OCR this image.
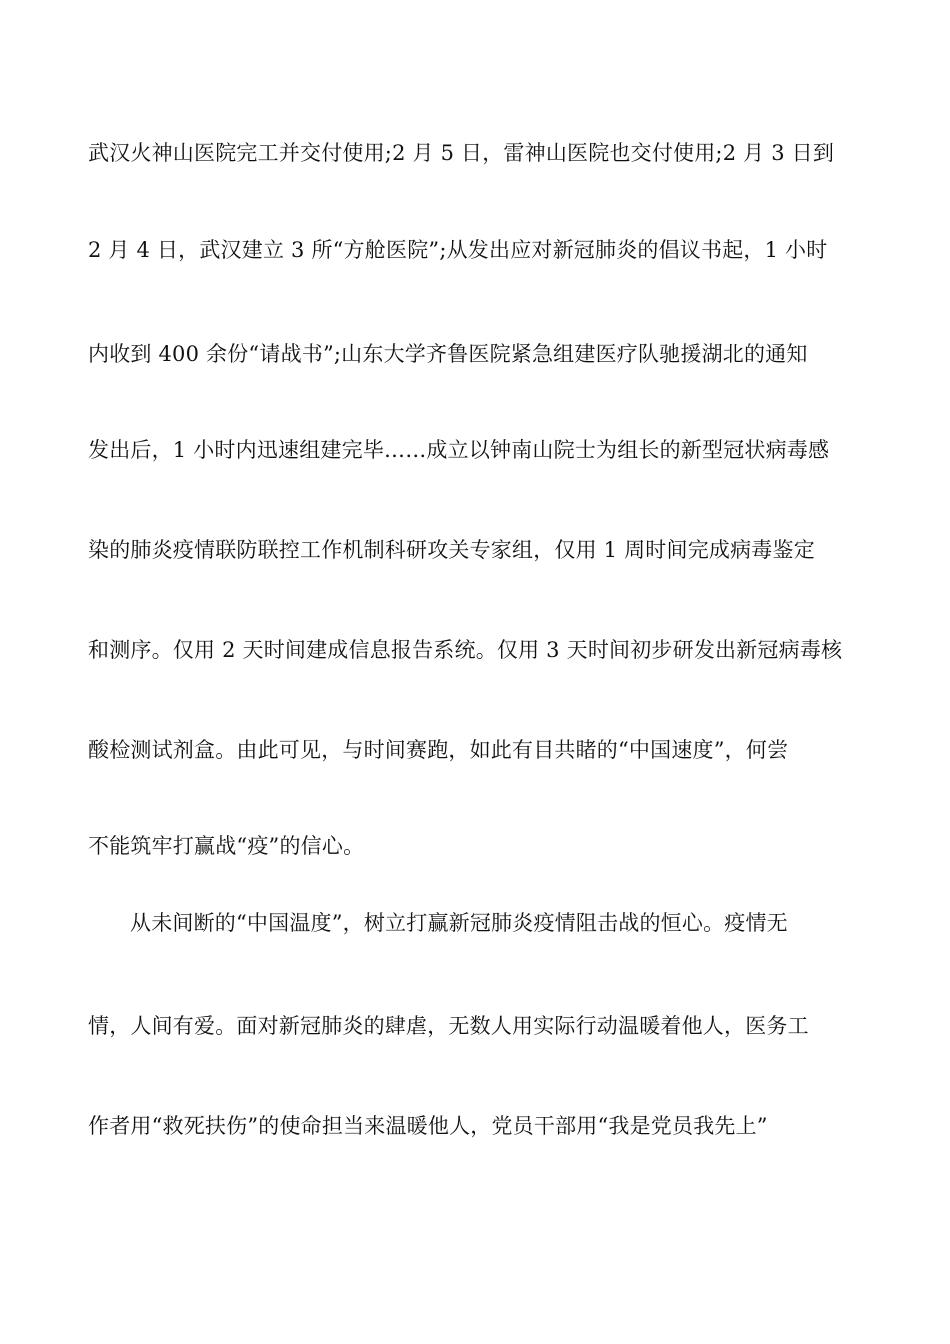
武汉火神山医院完工并交付使用;2 月 5 日，雷神山医院也交付使用;2 月 3 日到
2 月 4 日，武汉建立 3 所“方舱医院”;从发出应对新冠肺炎的倡议书起，1 小时
内收到 400 余份“请战书”;山东大学齐鲁医院紧急组建医疗队驰援湖北的通知
发出后，1 小时内迅速组建完毕……成立以钟南山院士为组长的新型冠状病毒感
染的肺炎疫情联防联控工作机制科研攻关专家组，仅用 1 周时间完成病毒鉴定
和测序。仅用 2 天时间建成信息报告系统。仅用 3 天时间初步研发出新冠病毒核
酸检测试剂盒。由此可见，与时间赛跑，如此有目共睹的“中国速度”，何尝
不能筑牢打赢战“疫”的信心。
从未间断的“中国温度”，树立打赢新冠肺炎疫情阻击战的恒心。疫情无
情，人间有爱。面对新冠肺炎的肆虐，无数人用实际行动温暖着他人，医务工
作者用“救死扶伤”的使命担当来温暖他人，党员干部用“我是党员我先上”
